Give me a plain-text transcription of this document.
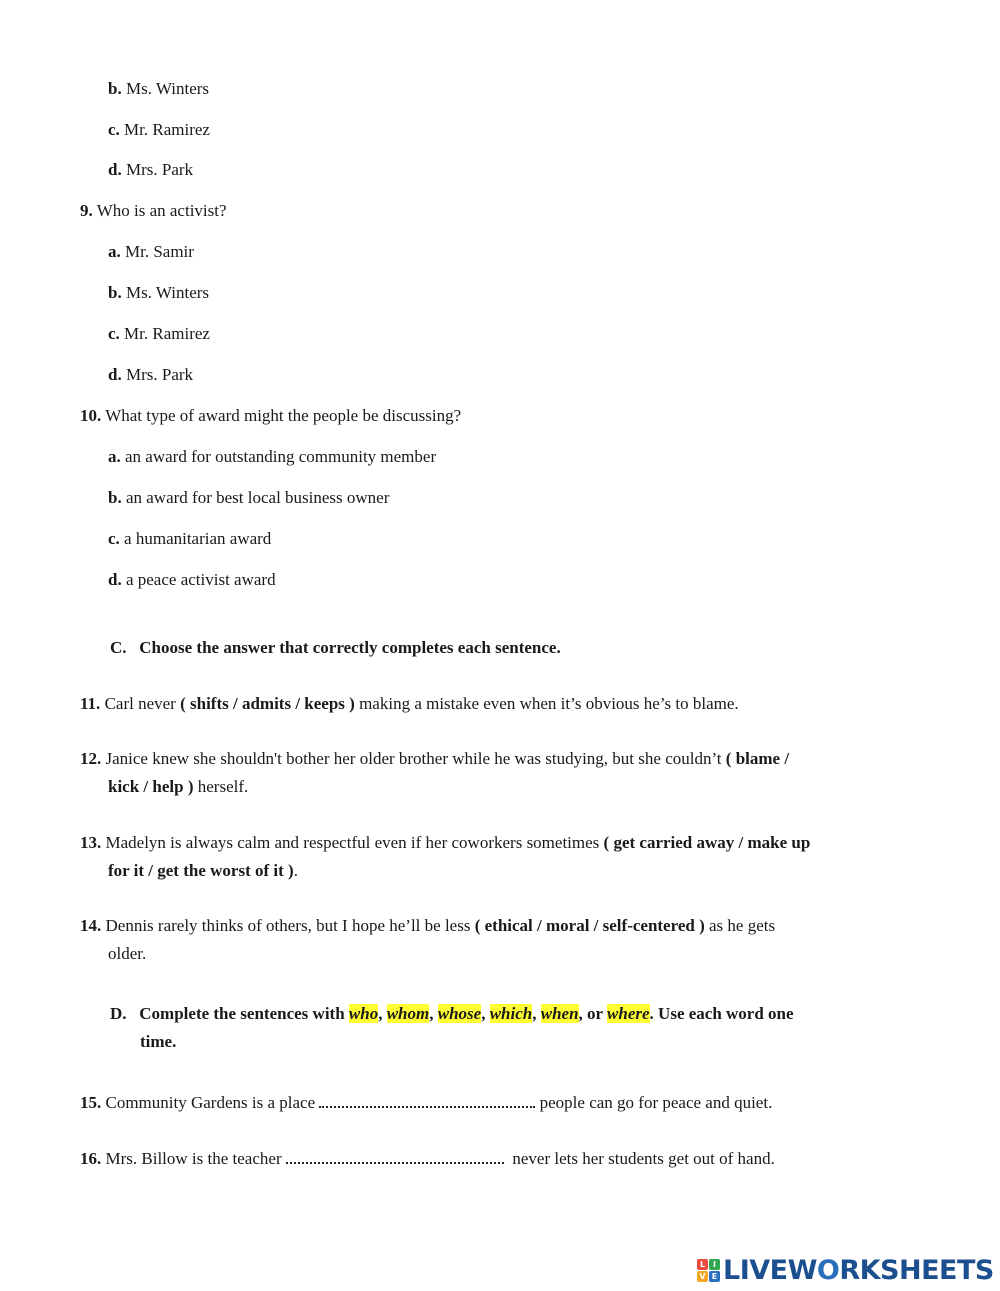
b. Ms. Winters
c. Mr. Ramirez
d. Mrs. Park
9. Who is an activist?
a. Mr. Samir
b. Ms. Winters
c. Mr. Ramirez
d. Mrs. Park
10. What type of award might the people be discussing?
a. an award for outstanding community member
b. an award for best local business owner
c. a humanitarian award
d. a peace activist award
C. Choose the answer that correctly completes each sentence.
11. Carl never ( shifts / admits / keeps ) making a mistake even when it’s obvious he’s to blame.
12. Janice knew she shouldn't bother her older brother while he was studying, but she couldn’t ( blame /
kick / help ) herself.
13. Madelyn is always calm and respectful even if her coworkers sometimes ( get carried away / make up
for it / get the worst of it ).
14. Dennis rarely thinks of others, but I hope he’ll be less ( ethical / moral / self-centered ) as he gets
older.
D. Complete the sentences with who, whom, whose, which, when, or where. Use each word one
time.
15. Community Gardens is a place	people can go for peace and quiet.
16. Mrs. Billow is the teacher	never lets her students get out of hand.
L I
V E LIVEWORKSHEETS
